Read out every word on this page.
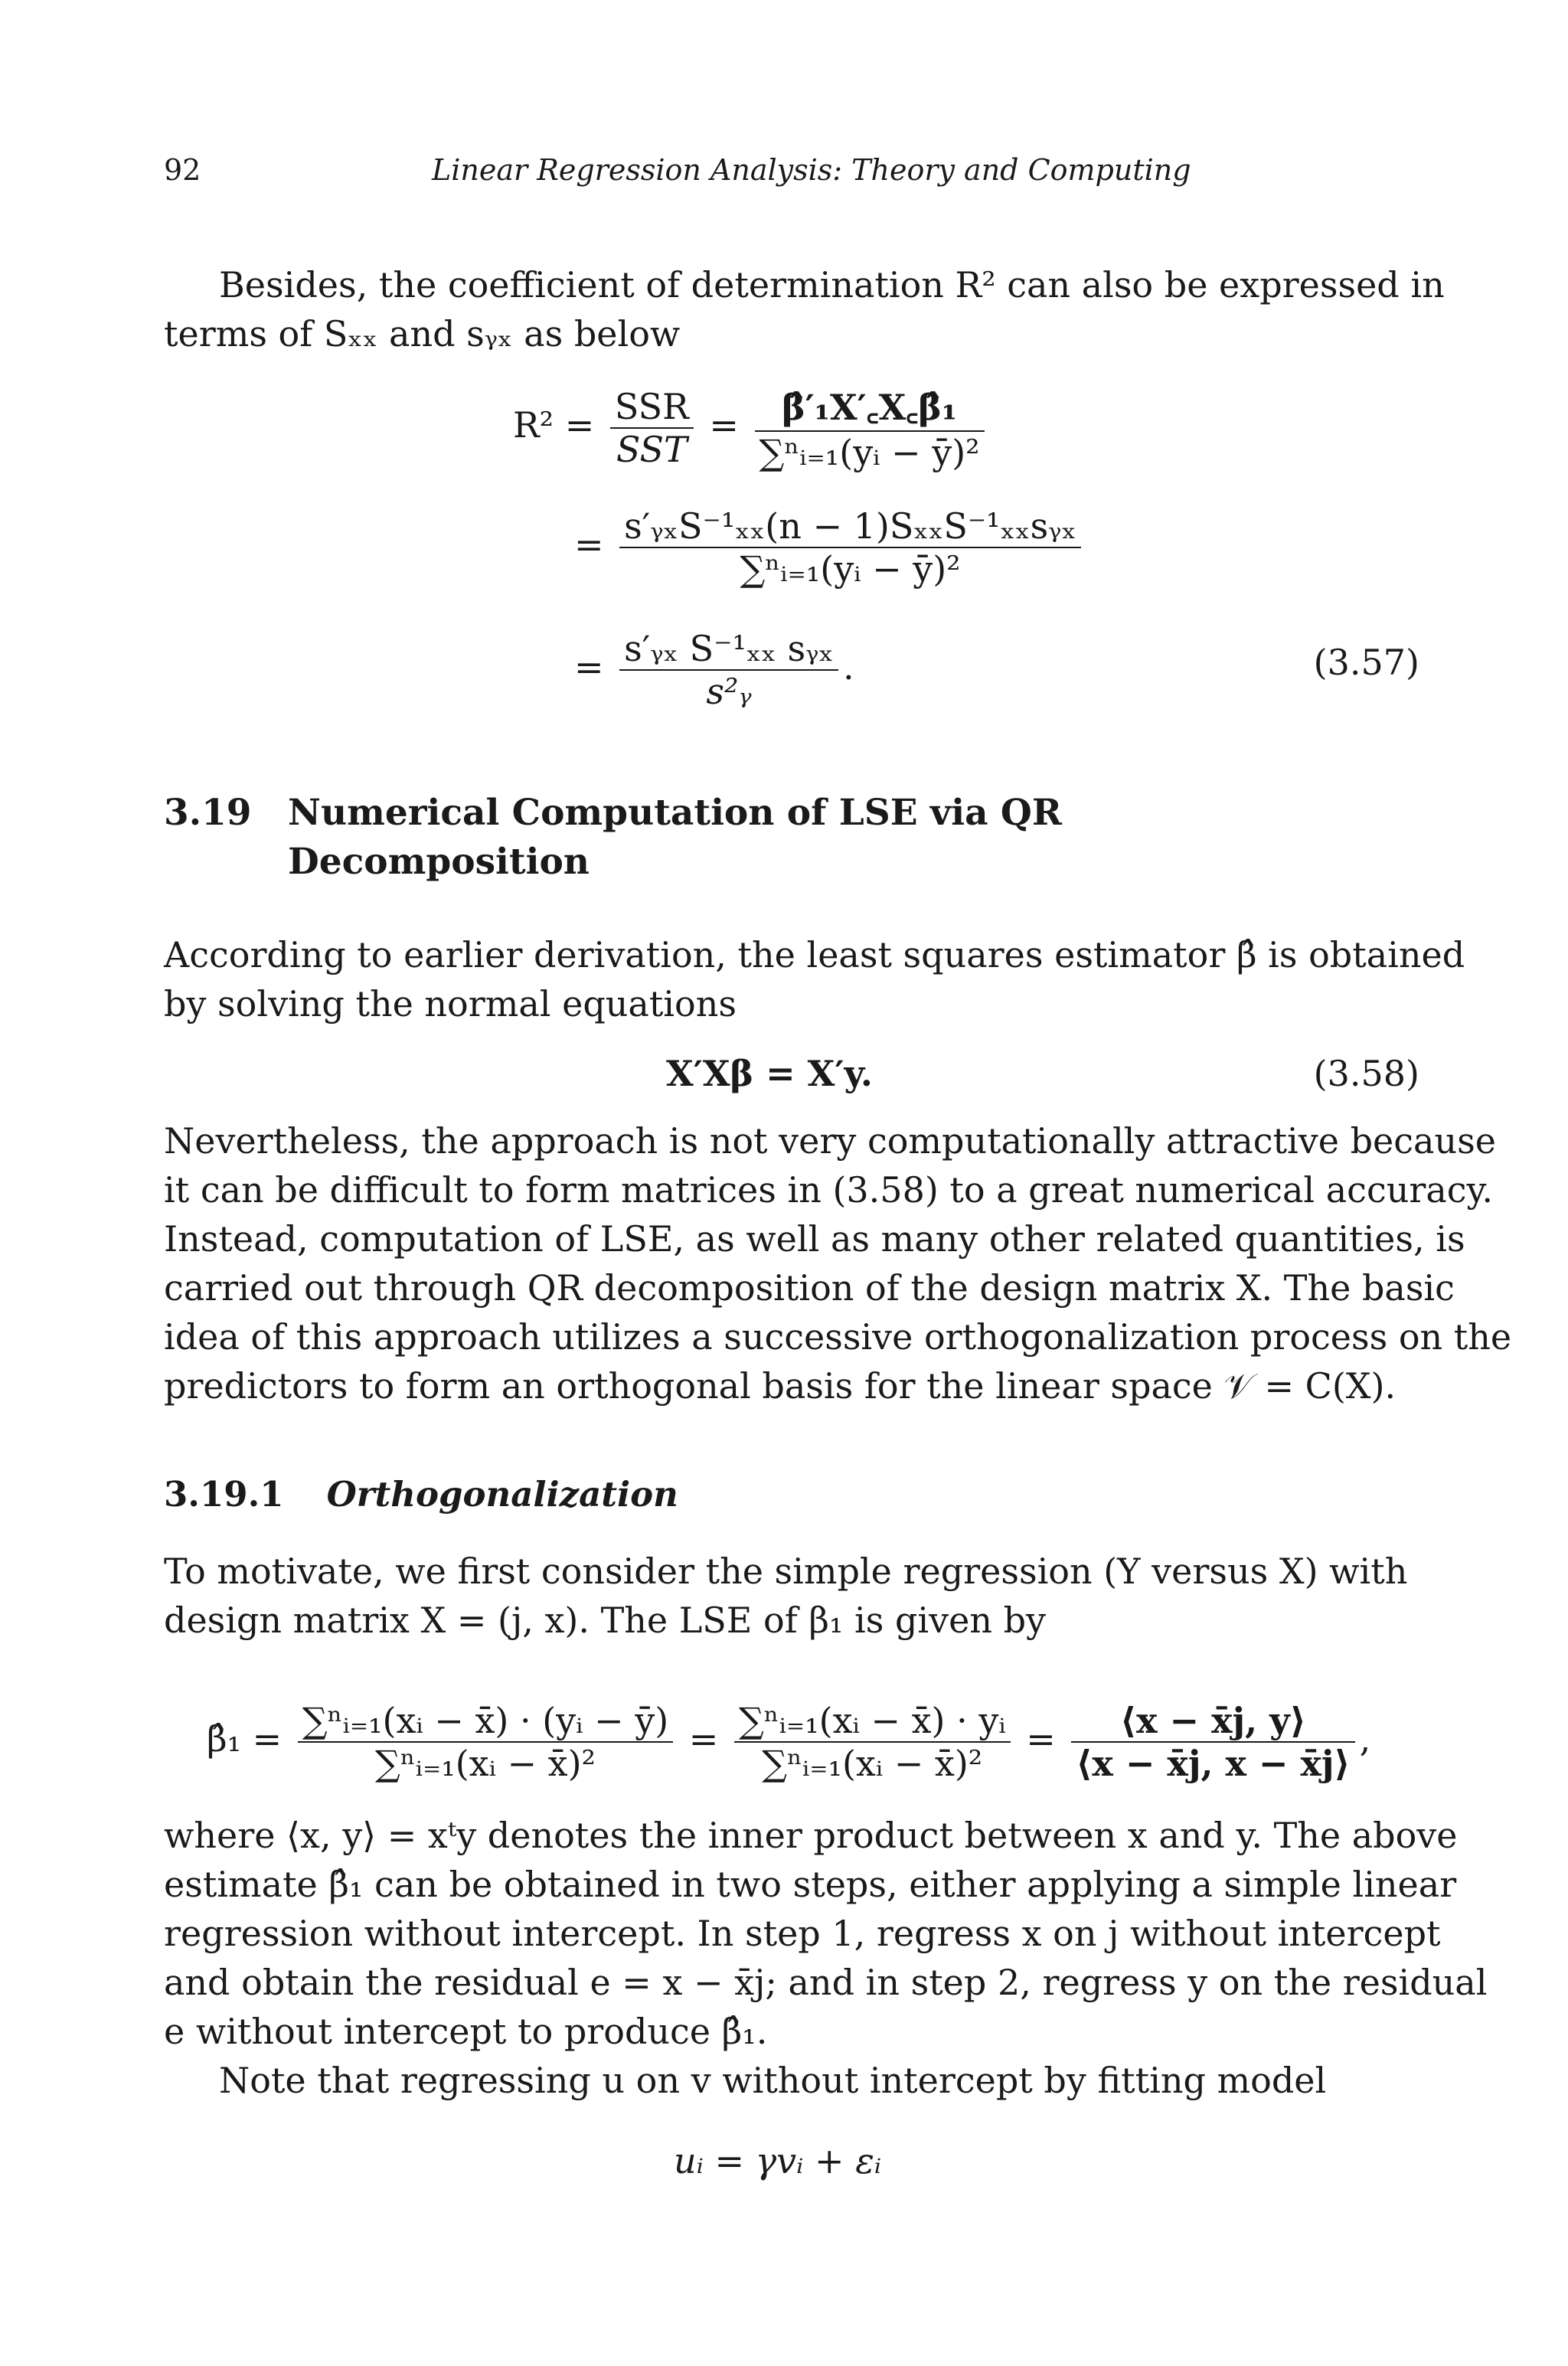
92	Linear Regression Analysis: Theory and Computing
Besides, the coefficient of determination R² can also be expressed in
terms of Sₓₓ and sᵧₓ as below
$R^2 = \frac{\text{SSR}}{\text{SST}} = \frac{\text{β̂′₁X′꜀X꜀β̂₁}}{\text{∑ⁿᵢ₌₁(yᵢ − ȳ)²}}$
= $\frac{\text{s′ᵧₓS⁻¹ₓₓ(n − 1)SₓₓS⁻¹ₓₓsᵧₓ}}{\text{∑ⁿᵢ₌₁(yᵢ − ȳ)²}}$
= $\frac{\text{s′ᵧₓ S⁻¹ₓₓ sᵧₓ}}{\text{s²ᵧ}}$ .	(3.57)
3.19 Numerical Computation of LSE via QR Decomposition
According to earlier derivation, the least squares estimator β̂ is obtained
by solving the normal equations
X′Xβ = X′y.	(3.58)
Nevertheless, the approach is not very computationally attractive because
it can be difficult to form matrices in (3.58) to a great numerical accuracy.
Instead, computation of LSE, as well as many other related quantities, is
carried out through QR decomposition of the design matrix X. The basic
idea of this approach utilizes a successive orthogonalization process on the
predictors to form an orthogonal basis for the linear space 𝒱 = C(X).
3.19.1 Orthogonalization
To motivate, we first consider the simple regression (Y versus X) with
design matrix X = (j, x). The LSE of β₁ is given by
β̂₁ = $\frac{\text{∑ⁿᵢ₌₁(xᵢ − x̄) · (yᵢ − ȳ)}}{\text{∑ⁿᵢ₌₁(xᵢ − x̄)²}} = \frac{\text{∑ⁿᵢ₌₁(xᵢ − x̄) · yᵢ}}{\text{∑ⁿᵢ₌₁(xᵢ − x̄)²}} = \frac{⟨x - x̄j, y⟩}{⟨x - x̄j, x - x̄j⟩}$ ,
where ⟨x, y⟩ = xᵗy denotes the inner product between x and y. The above
estimate β̂₁ can be obtained in two steps, either applying a simple linear
regression without intercept. In step 1, regress x on j without intercept
and obtain the residual e = x − x̄j; and in step 2, regress y on the residual
e without intercept to produce β̂₁.
Note that regressing u on v without intercept by fitting model
uᵢ = γvᵢ + εᵢ
